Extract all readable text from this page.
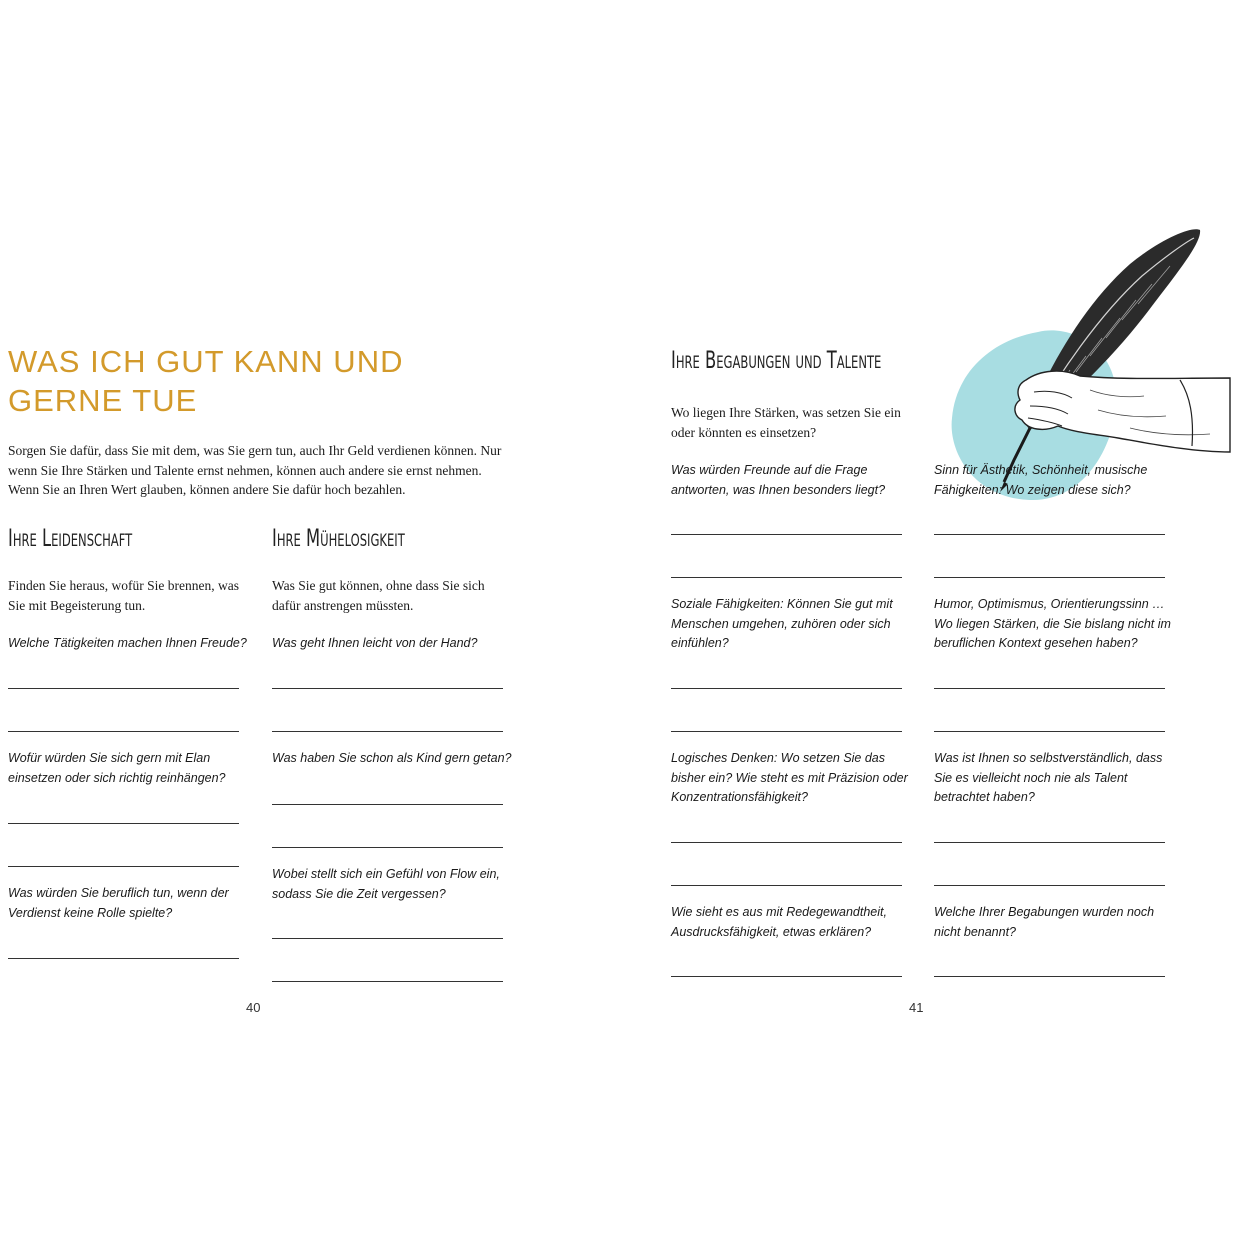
WAS ICH GUT KANN UND
GERNE TUE

Sorgen Sie dafür, dass Sie mit dem, was Sie gern tun, auch Ihr Geld verdienen können. Nur wenn Sie Ihre Stärken und Talente ernst nehmen, können auch andere sie ernst nehmen. Wenn Sie an Ihren Wert glauben, können andere Sie dafür hoch bezahlen.

Ihre Leidenschaft

Finden Sie heraus, wofür Sie brennen, was Sie mit Begeisterung tun.

Welche Tätigkeiten machen Ihnen Freude?

Wofür würden Sie sich gern mit Elan einsetzen oder sich richtig reinhängen?

Was würden Sie beruflich tun, wenn der Verdienst keine Rolle spielte?

Ihre Mühelosigkeit

Was Sie gut können, ohne dass Sie sich dafür anstrengen müssten.

Was geht Ihnen leicht von der Hand?

Was haben Sie schon als Kind gern getan?

Wobei stellt sich ein Gefühl von Flow ein, sodass Sie die Zeit vergessen?

40
Ihre Begabungen und Talente

Wo liegen Ihre Stärken, was setzen Sie ein oder könnten es einsetzen?

Was würden Freunde auf die Frage antworten, was Ihnen besonders liegt?

Soziale Fähigkeiten: Können Sie gut mit Menschen umgehen, zuhören oder sich einfühlen?

Logisches Denken: Wo setzen Sie das bisher ein? Wie steht es mit Präzision oder Konzentrationsfähigkeit?

Wie sieht es aus mit Redegewandtheit, Ausdrucksfähigkeit, etwas erklären?

Sinn für Ästhetik, Schönheit, musische Fähigkeiten: Wo zeigen diese sich?

Humor, Optimismus, Orientierungssinn … Wo liegen Stärken, die Sie bislang nicht im beruflichen Kontext gesehen haben?

Was ist Ihnen so selbstverständlich, dass Sie es vielleicht noch nie als Talent betrachtet haben?

Welche Ihrer Begabungen wurden noch nicht benannt?

41
